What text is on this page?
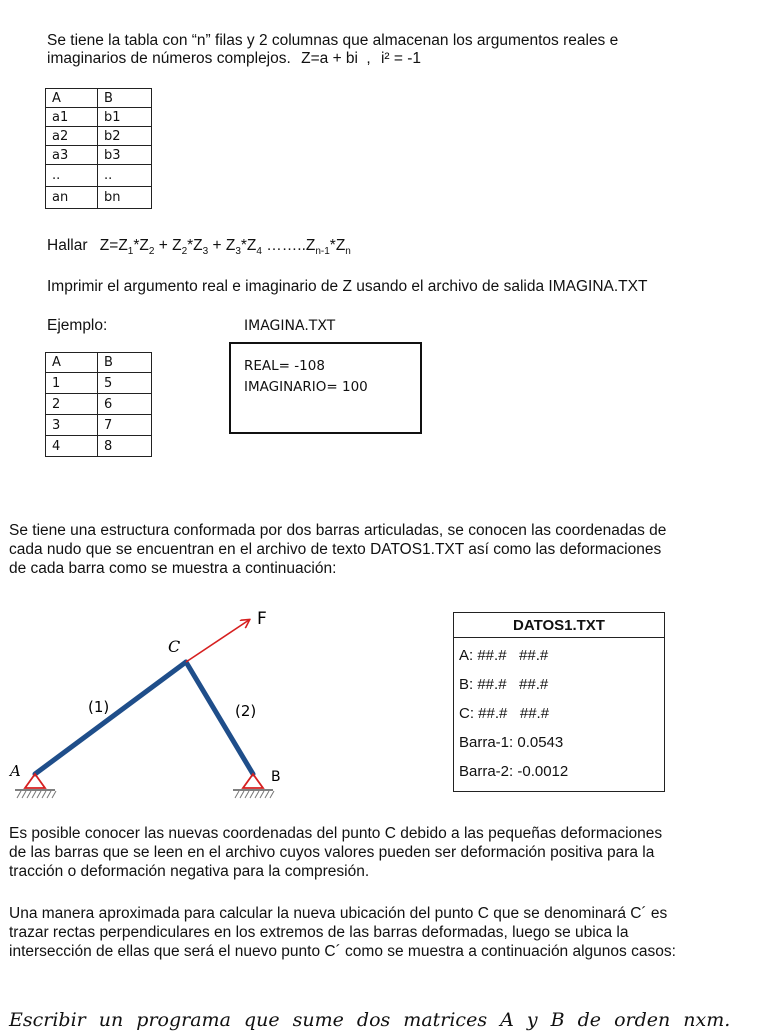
Se tiene la tabla con “n” filas y 2 columnas que almacenan los argumentos reales e

imaginarios de números complejos. Z=a + bi , i² = -1
A	B
a1	b1
a2	b2
a3	b3
..	..
an	bn
Hallar $Z=Z_1*Z_2 + Z_2*Z_3 + Z_3*Z_4$ $\dots\dots..Z_{n-1}*Z_n$

Imprimir el argumento real e imaginario de Z usando el archivo de salida IMAGINA.TXT

Ejemplo:	IMAGINA.TXT

A	B
1	5
2	6
3	7
4	8
REAL= -108
IMAGINARIO= 100
Se tiene una estructura conformada por dos barras articuladas, se conocen las coordenadas de
cada nudo que se encuentran en el archivo de texto DATOS1.TXT así como las deformaciones
de cada barra como se muestra a continuación:
F
C
A	B
(1)	(2)
DATOS1.TXT
A: ##.#   ##.#
B: ##.#   ##.#
C: ##.#   ##.#
Barra-1: 0.0543
Barra-2: -0.0012
Es posible conocer las nuevas coordenadas del punto C debido a las pequeñas deformaciones
de las barras que se leen en el archivo cuyos valores pueden ser deformación positiva para la
tracción o deformación negativa para la compresión.
Una manera aproximada para calcular la nueva ubicación del punto C que se denominará C´ es
trazar rectas perpendiculares en los extremos de las barras deformadas, luego se ubica la
intersección de ellas que será el nuevo punto C´ como se muestra a continuación algunos casos:
Escribir un programa que sume dos matrices A y B de orden nxm.
